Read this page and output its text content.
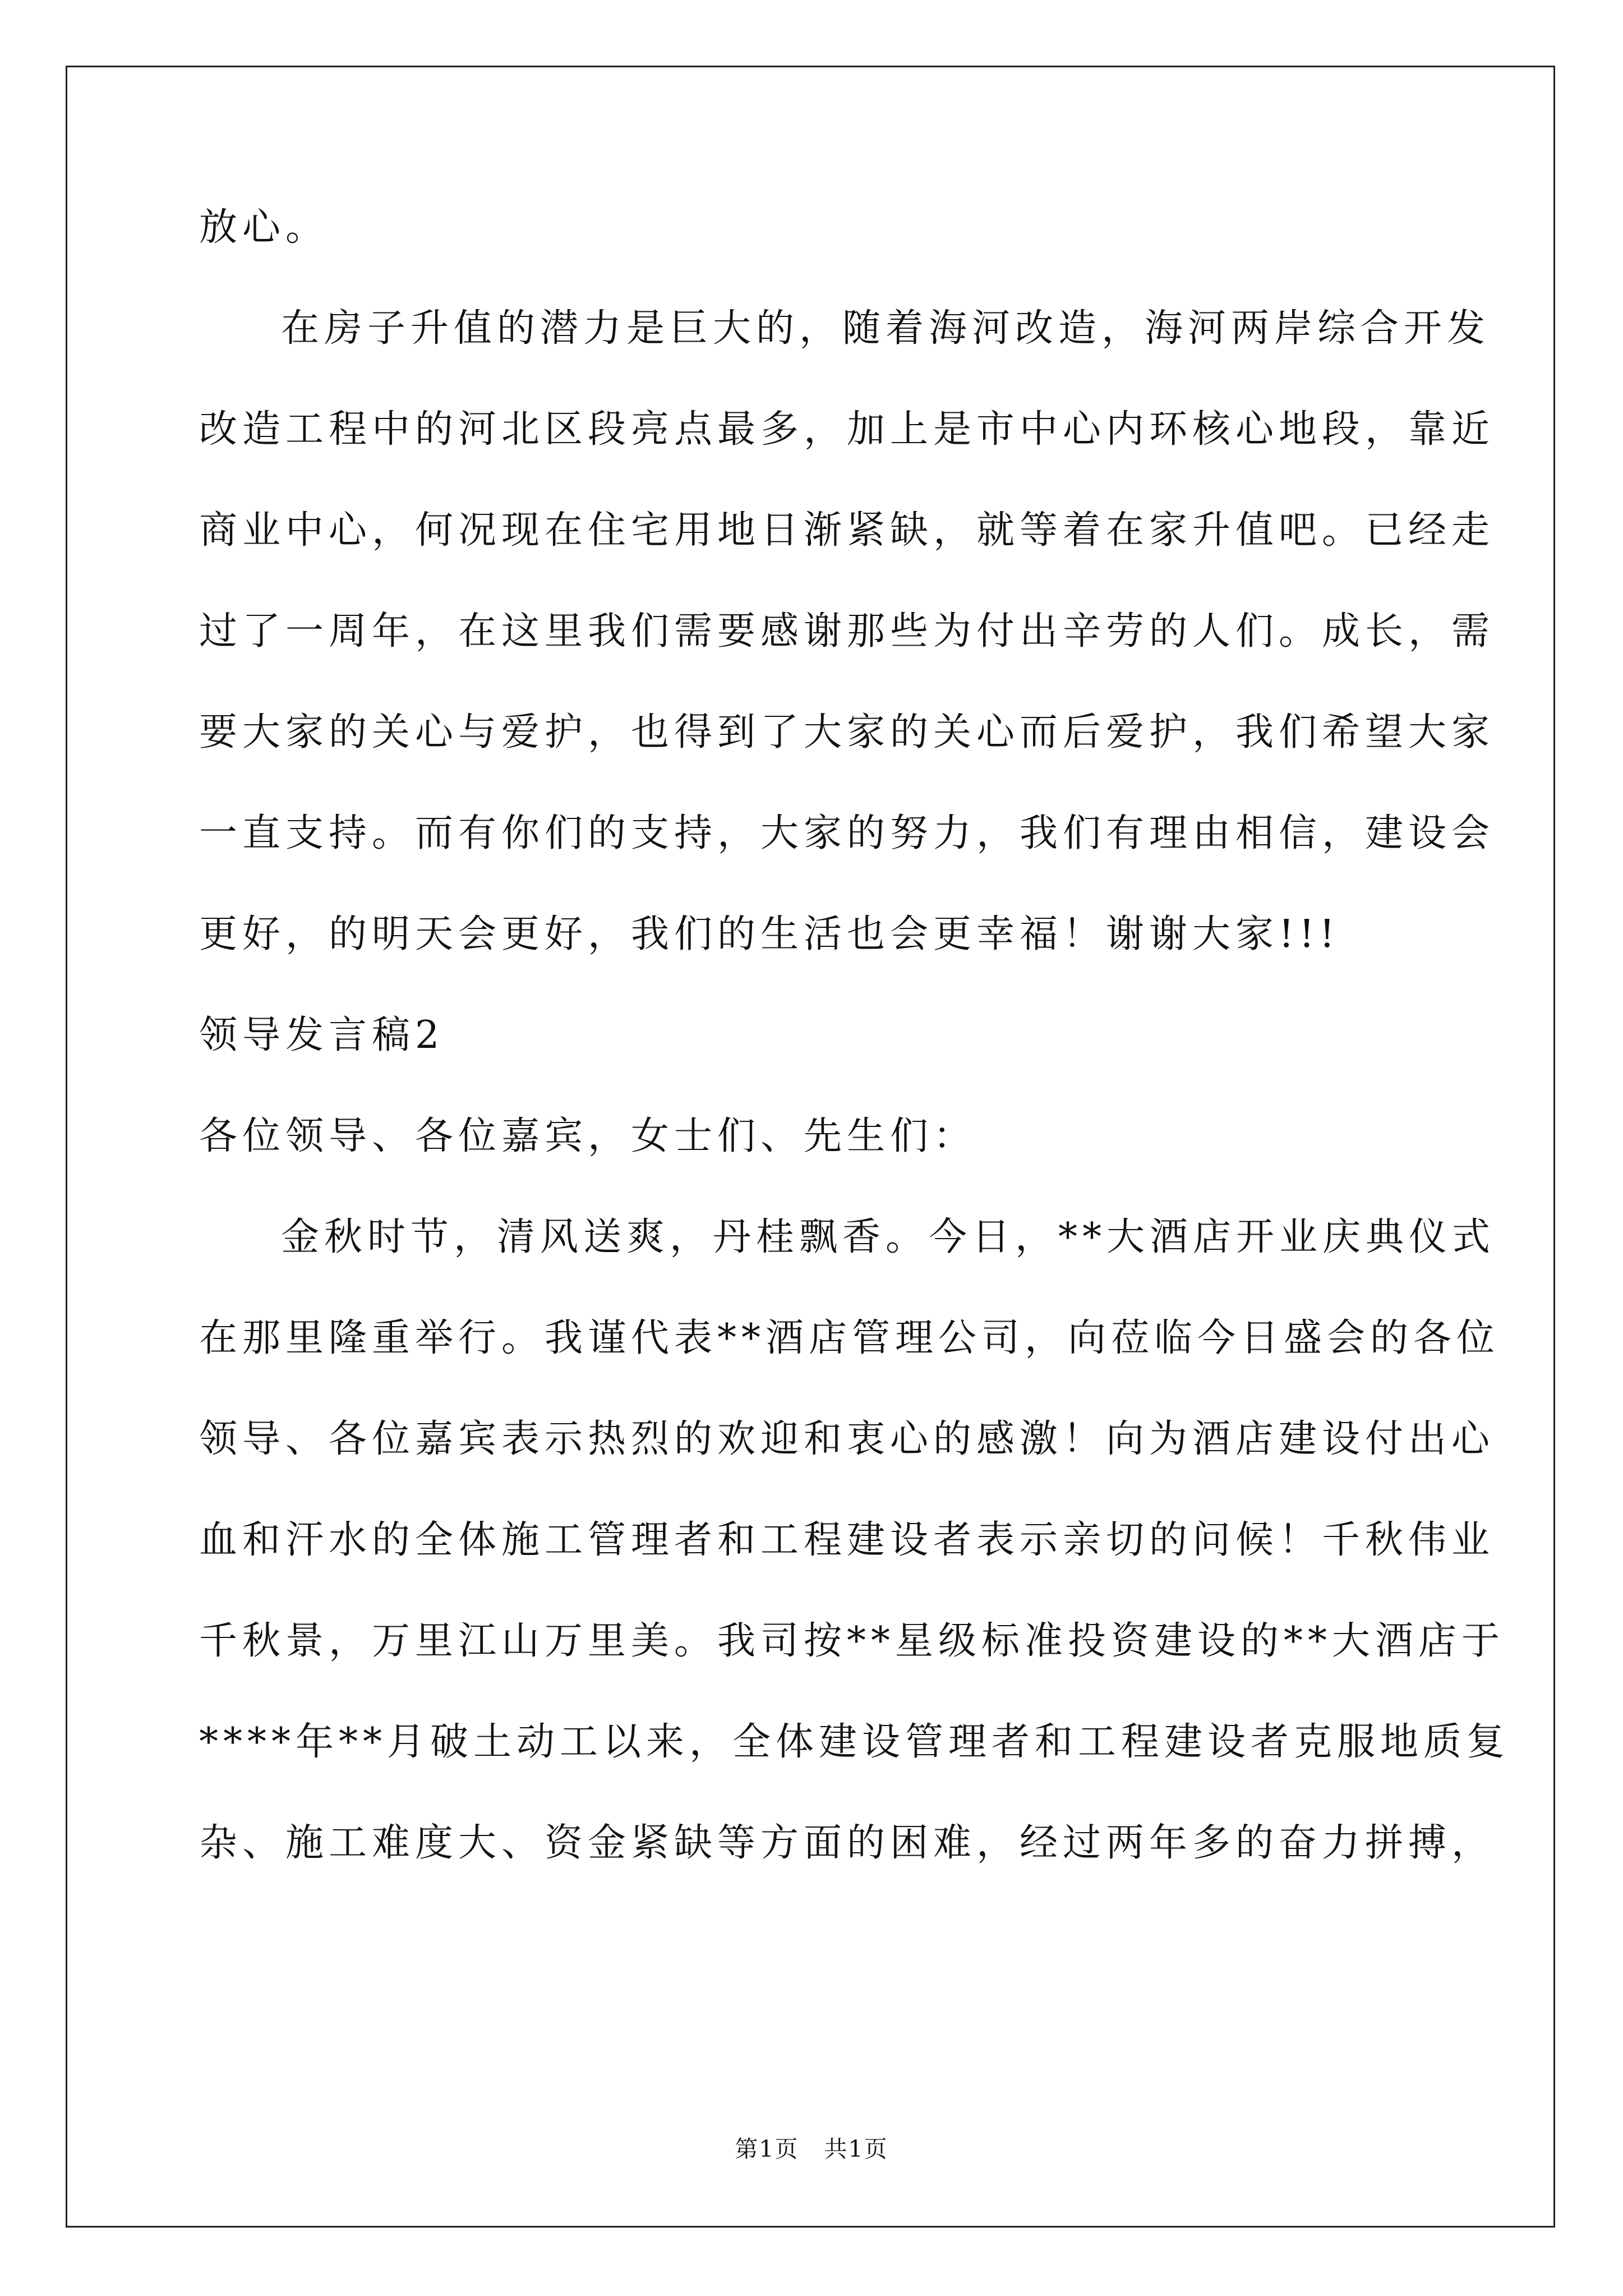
放心。
在房子升值的潜力是巨大的，随着海河改造，海河两岸综合开发
改造工程中的河北区段亮点最多，加上是市中心内环核心地段，靠近
商业中心，何况现在住宅用地日渐紧缺，就等着在家升值吧。已经走
过了一周年，在这里我们需要感谢那些为付出辛劳的人们。成长，需
要大家的关心与爱护，也得到了大家的关心而后爱护，我们希望大家
一直支持。而有你们的支持，大家的努力，我们有理由相信，建设会
更好，的明天会更好，我们的生活也会更幸福！谢谢大家!!!
领导发言稿2
各位领导、各位嘉宾，女士们、先生们：
金秋时节，清风送爽，丹桂飘香。今日，**大酒店开业庆典仪式
在那里隆重举行。我谨代表**酒店管理公司，向莅临今日盛会的各位
领导、各位嘉宾表示热烈的欢迎和衷心的感激！向为酒店建设付出心
血和汗水的全体施工管理者和工程建设者表示亲切的问候！千秋伟业
千秋景，万里江山万里美。我司按**星级标准投资建设的**大酒店于
****年**月破土动工以来，全体建设管理者和工程建设者克服地质复
杂、施工难度大、资金紧缺等方面的困难，经过两年多的奋力拼搏，
第1页   共1页
